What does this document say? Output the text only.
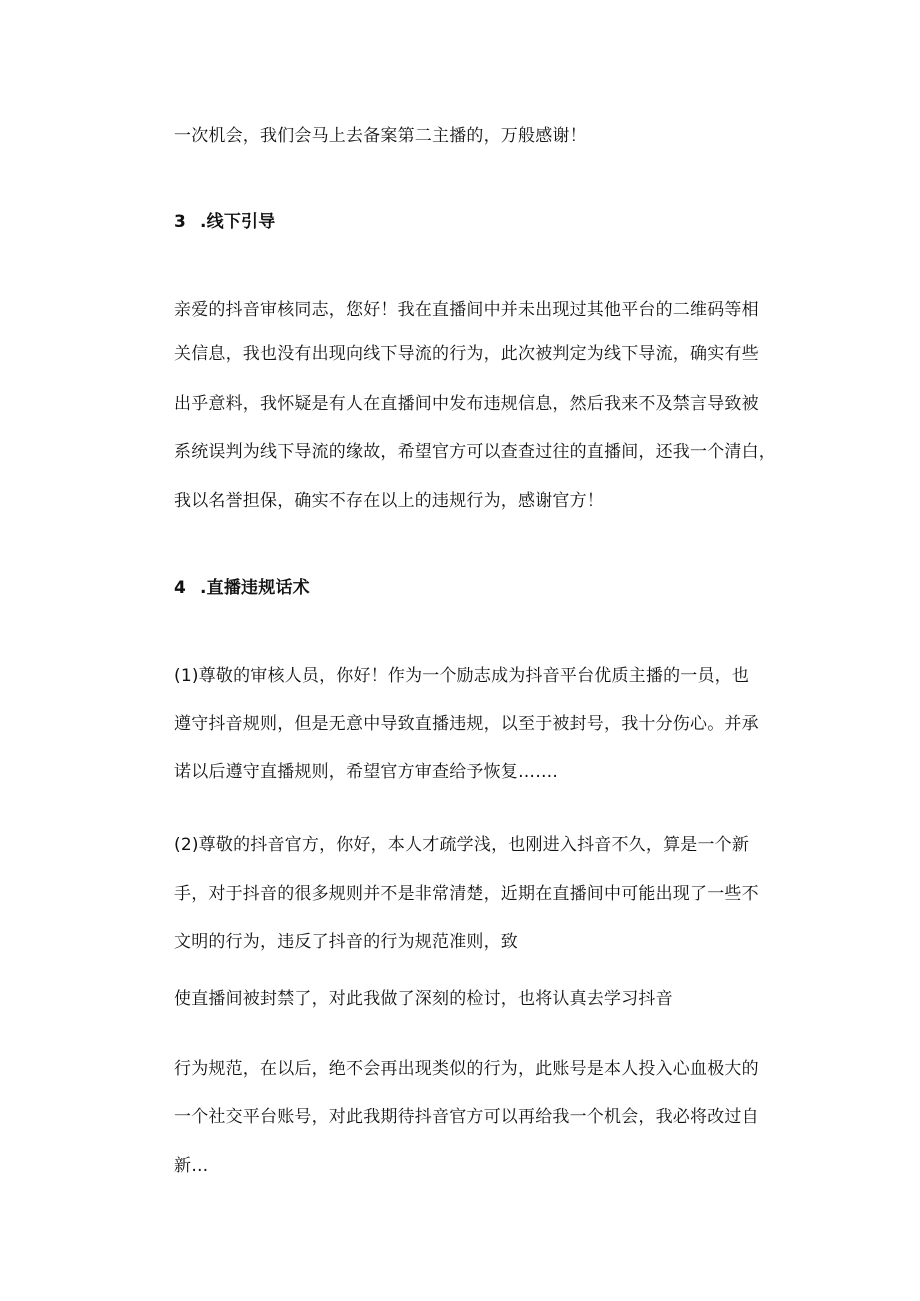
一次机会，我们会马上去备案第二主播的，万般感谢！
3 .线下引导
亲爱的抖音审核同志，您好！我在直播间中并未出现过其他平台的二维码等相
关信息，我也没有出现向线下导流的行为，此次被判定为线下导流，确实有些
出乎意料，我怀疑是有人在直播间中发布违规信息，然后我来不及禁言导致被
系统误判为线下导流的缘故，希望官方可以查查过往的直播间，还我一个清白，
我以名誉担保，确实不存在以上的违规行为，感谢官方！
4 .直播违规话术
(1)尊敬的审核人员，你好！作为一个励志成为抖音平台优质主播的一员，也
遵守抖音规则，但是无意中导致直播违规，以至于被封号，我十分伤心。并承
诺以后遵守直播规则，希望官方审查给予恢复…….
(2)尊敬的抖音官方，你好，本人才疏学浅，也刚进入抖音不久，算是一个新
手，对于抖音的很多规则并不是非常清楚，近期在直播间中可能出现了一些不
文明的行为，违反了抖音的行为规范准则，致
使直播间被封禁了，对此我做了深刻的检讨，也将认真去学习抖音
行为规范，在以后，绝不会再出现类似的行为，此账号是本人投入心血极大的
一个社交平台账号，对此我期待抖音官方可以再给我一个机会，我必将改过自
新…
